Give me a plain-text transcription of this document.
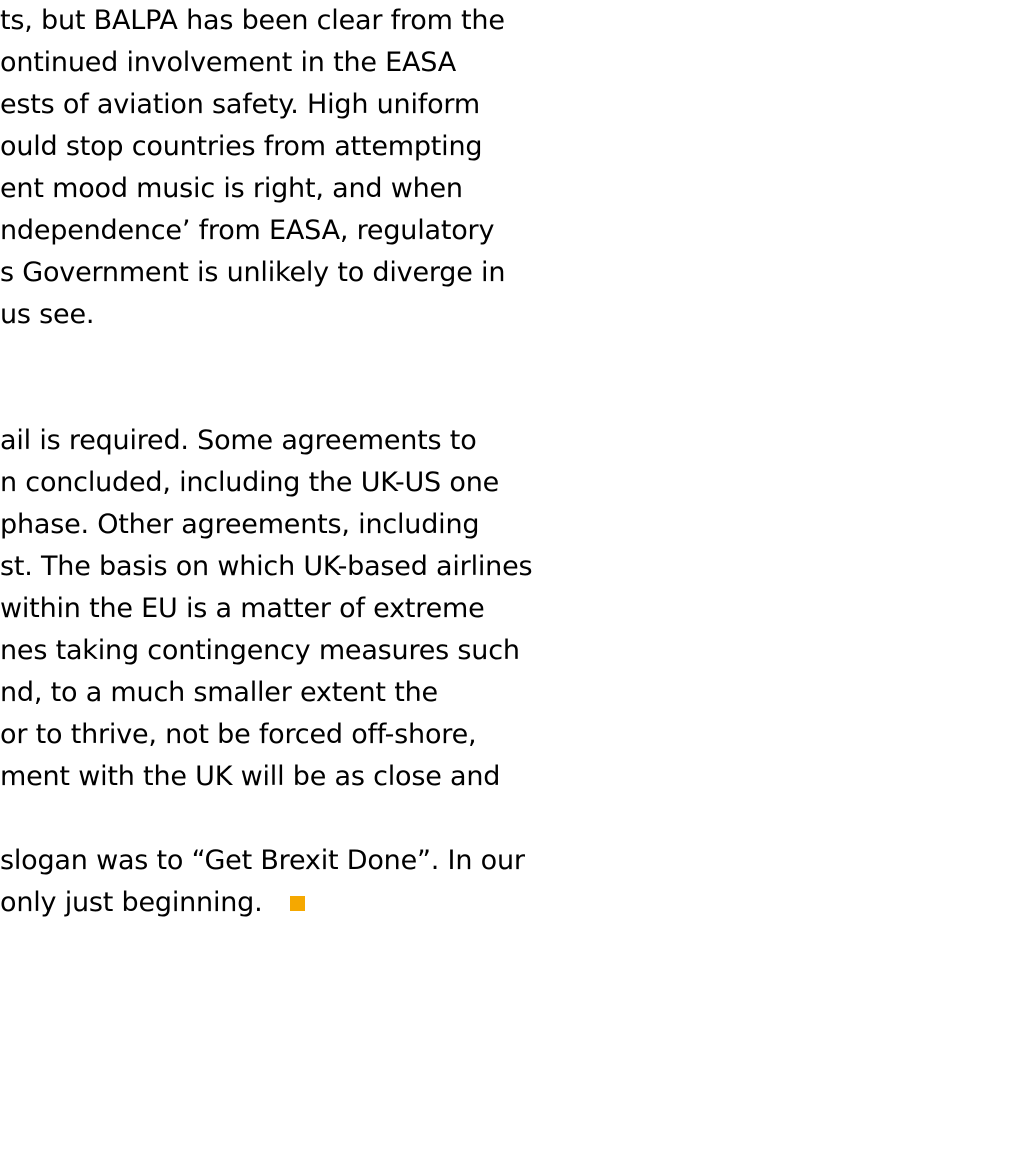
ts, but BALPA has been clear from the
ontinued involvement in the EASA
ests of aviation safety. High uniform
ould stop countries from attempting
ent mood music is right, and when
ndependence’ from EASA, regulatory
s Government is unlikely to diverge in
us see.
ail is required. Some agreements to
n concluded, including the UK-US one
phase. Other agreements, including
st. The basis on which UK-based airlines
within the EU is a matter of extreme
nes taking contingency measures such
nd, to a much smaller extent the
or to thrive, not be forced off-shore,
ment with the UK will be as close and
slogan was to “Get Brexit Done”. In our
only just beginning.
